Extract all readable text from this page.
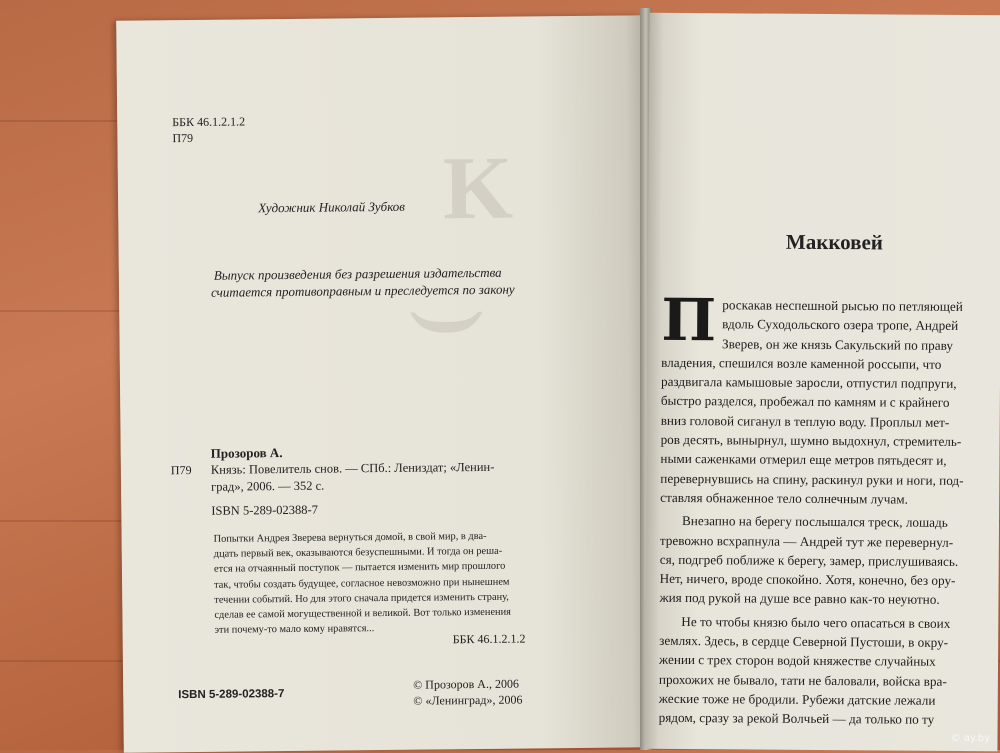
K
)
ББК 46.1.2.1.2
П79
Художник Николай Зубков
Выпуск произведения без разрешения издательства
считается противоправным и преследуется по закону
Прозоров А.
П79 Князь: Повелитель снов. — СПб.: Лениздат; «Ленин-
град», 2006. — 352 с.
ISBN 5-289-02388-7
Попытки Андрея Зверева вернуться домой, в свой мир, в два-
дцать первый век, оказываются безуспешными. И тогда он реша-
ется на отчаянный поступок — пытается изменить мир прошлого
так, чтобы создать будущее, согласное невозможно при нынешнем
течении событий. Но для этого сначала придется изменить страну,
сделав ее самой могущественной и великой. Вот только изменения
эти почему-то мало кому нравятся...
ББК 46.1.2.1.2
ISBN 5-289-02388-7
© Прозоров А., 2006
© «Ленинград», 2006
Макковей
П роскакав неспешной рысью по петляющей
вдоль Суходольского озера тропе, Андрей
Зверев, он же князь Сакульский по праву
владения, спешился возле каменной россыпи, что
раздвигала камышовые заросли, отпустил подпруги,
быстро разделся, пробежал по камням и с крайнего
вниз головой сиганул в теплую воду. Проплыл мет-
ров десять, вынырнул, шумно выдохнул, стремитель-
ными саженками отмерил еще метров пятьдесят и,
перевернувшись на спину, раскинул руки и ноги, под-
ставляя обнаженное тело солнечным лучам.
Внезапно на берегу послышался треск, лошадь
тревожно всхрапнула — Андрей тут же перевернул-
ся, подгреб поближе к берегу, замер, прислушиваясь.
Нет, ничего, вроде спокойно. Хотя, конечно, без ору-
жия под рукой на душе все равно как-то неуютно.
Не то чтобы князю было чего опасаться в своих
землях. Здесь, в сердце Северной Пустоши, в окру-
жении с трех сторон водой княжестве случайных
прохожих не бывало, тати не баловали, войска вра-
жеские тоже не бродили. Рубежи датские лежали
рядом, сразу за рекой Волчьей — да только по ту
© ay.by
